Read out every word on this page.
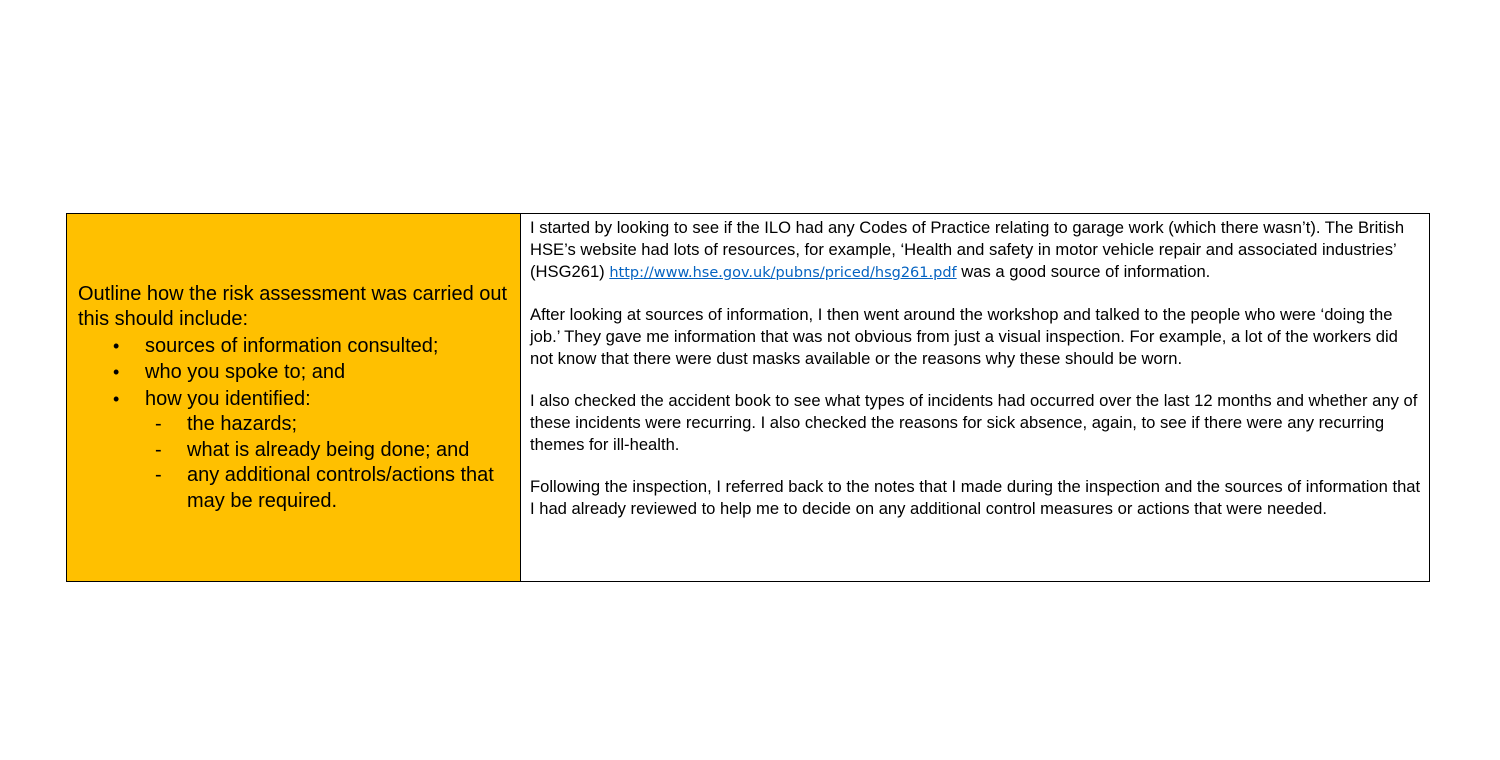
Outline how the risk assessment was carried out this should include:
• sources of information consulted;
• who you spoke to; and
• how you identified:
- the hazards;
- what is already being done; and
- any additional controls/actions that may be required.

I started by looking to see if the ILO had any Codes of Practice relating to garage work (which there wasn’t). The British HSE’s website had lots of resources, for example, ‘Health and safety in motor vehicle repair and associated industries’ (HSG261) http://www.hse.gov.uk/pubns/priced/hsg261.pdf was a good source of information.

After looking at sources of information, I then went around the workshop and talked to the people who were ‘doing the job.’ They gave me information that was not obvious from just a visual inspection. For example, a lot of the workers did not know that there were dust masks available or the reasons why these should be worn.

I also checked the accident book to see what types of incidents had occurred over the last 12 months and whether any of these incidents were recurring. I also checked the reasons for sick absence, again, to see if there were any recurring themes for ill-health.

Following the inspection, I referred back to the notes that I made during the inspection and the sources of information that I had already reviewed to help me to decide on any additional control measures or actions that were needed.
